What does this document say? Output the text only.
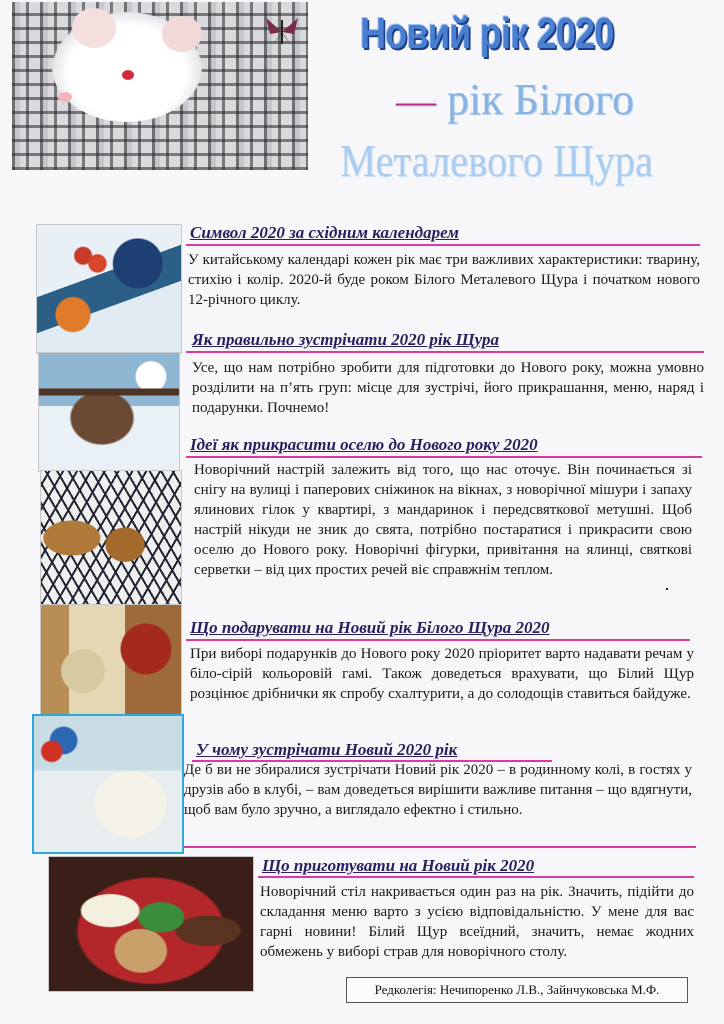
Новий рік 2020
— рік Білого
Металевого Щура
Символ 2020 за східним календарем
У китайському календарі кожен рік має три важливих характеристики: тварину, стихію і колір. 2020-й буде роком Білого Металевого Щура і початком нового 12-річного циклу.
Як правильно зустрічати 2020 рік Щура
Усе, що нам потрібно зробити для підготовки до Нового року, можна умовно розділити на п’ять груп: місце для зустрічі, його прикрашання, меню, наряд і подарунки. Почнемо!
Ідеї як прикрасити оселю до Нового року 2020
Новорічний настрій залежить від того, що нас оточує. Він починається зі снігу на вулиці і паперових сніжинок на вікнах, з новорічної мішури і запаху ялинових гілок у квартирі, з мандаринок і передсвяткової метушні. Щоб настрій нікуди не зник до свята, потрібно постаратися і прикрасити свою оселю до Нового року. Новорічні фігурки, привітання на ялинці, святкові серветки – від цих простих речей віє справжнім теплом.
Що подарувати на Новий рік Білого Щура 2020
При виборі подарунків до Нового року 2020 пріоритет варто надавати речам у біло-сірій кольоровій гамі. Також доведеться врахувати, що Білий Щур розцінює дрібнички як спробу схалтурити, а до солодощів ставиться байдуже.
У чому зустрічати Новий 2020 рік
Де б ви не збиралися зустрічати Новий рік 2020 – в родинному колі, в гостях у друзів або в клубі, – вам доведеться вирішити важливе питання – що вдягнути, щоб вам було зручно, а виглядало ефектно і стильно.
Що приготувати на Новий рік 2020
Новорічний стіл накривається один раз на рік. Значить, підійти до складання меню варто з усією відповідальністю. У мене для вас гарні новини! Білий Щур всеїдний, значить, немає жодних обмежень у виборі страв для новорічного столу.
Редколегія: Нечипоренко Л.В., Зайнчуковська М.Ф.
